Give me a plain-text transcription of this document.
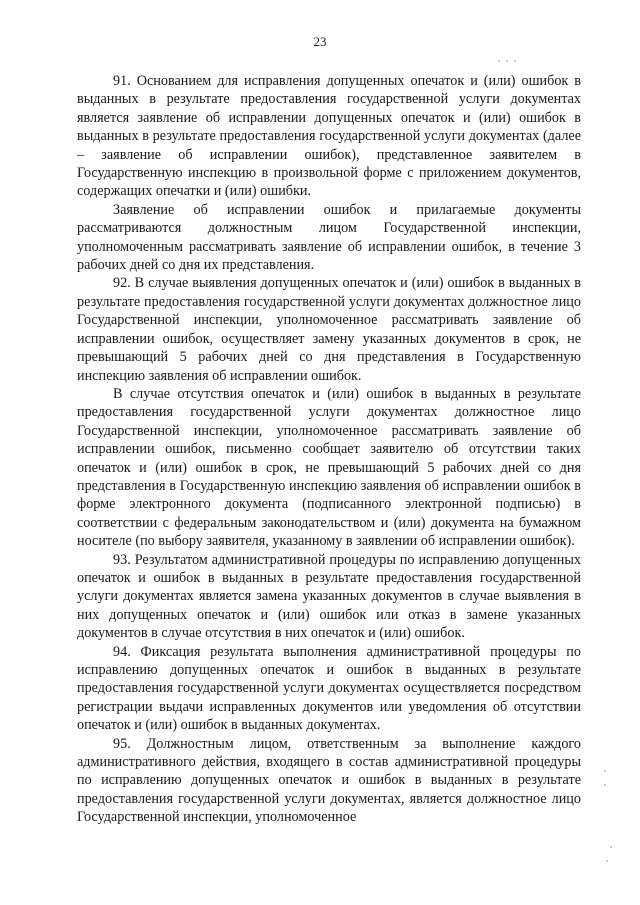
23

91. Основанием для исправления допущенных опечаток и (или) ошибок в выданных в результате предоставления государственной услуги документах является заявление об исправлении допущенных опечаток и (или) ошибок в выданных в результате предоставления государственной услуги документах (далее – заявление об исправлении ошибок), представленное заявителем в Государственную инспекцию в произвольной форме с приложением документов, содержащих опечатки и (или) ошибки.

Заявление об исправлении ошибок и прилагаемые документы рассматриваются должностным лицом Государственной инспекции, уполномоченным рассматривать заявление об исправлении ошибок, в течение 3 рабочих дней со дня их представления.

92. В случае выявления допущенных опечаток и (или) ошибок в выданных в результате предоставления государственной услуги документах должностное лицо Государственной инспекции, уполномоченное рассматривать заявление об исправлении ошибок, осуществляет замену указанных документов в срок, не превышающий 5 рабочих дней со дня представления в Государственную инспекцию заявления об исправлении ошибок.

В случае отсутствия опечаток и (или) ошибок в выданных в результате предоставления государственной услуги документах должностное лицо Государственной инспекции, уполномоченное рассматривать заявление об исправлении ошибок, письменно сообщает заявителю об отсутствии таких опечаток и (или) ошибок в срок, не превышающий 5 рабочих дней со дня представления в Государственную инспекцию заявления об исправлении ошибок в форме электронного документа (подписанного электронной подписью) в соответствии с федеральным законодательством и (или) документа на бумажном носителе (по выбору заявителя, указанному в заявлении об исправлении ошибок).

93. Результатом административной процедуры по исправлению допущенных опечаток и ошибок в выданных в результате предоставления государственной услуги документах является замена указанных документов в случае выявления в них допущенных опечаток и (или) ошибок или отказ в замене указанных документов в случае отсутствия в них опечаток и (или) ошибок.

94. Фиксация результата выполнения административной процедуры по исправлению допущенных опечаток и ошибок в выданных в результате предоставления государственной услуги документах осуществляется посредством регистрации выдачи исправленных документов или уведомления об отсутствии опечаток и (или) ошибок в выданных документах.

95. Должностным лицом, ответственным за выполнение каждого административного действия, входящего в состав административной процедуры по исправлению допущенных опечаток и ошибок в выданных в результате предоставления государственной услуги документах, является должностное лицо Государственной инспекции, уполномоченное
